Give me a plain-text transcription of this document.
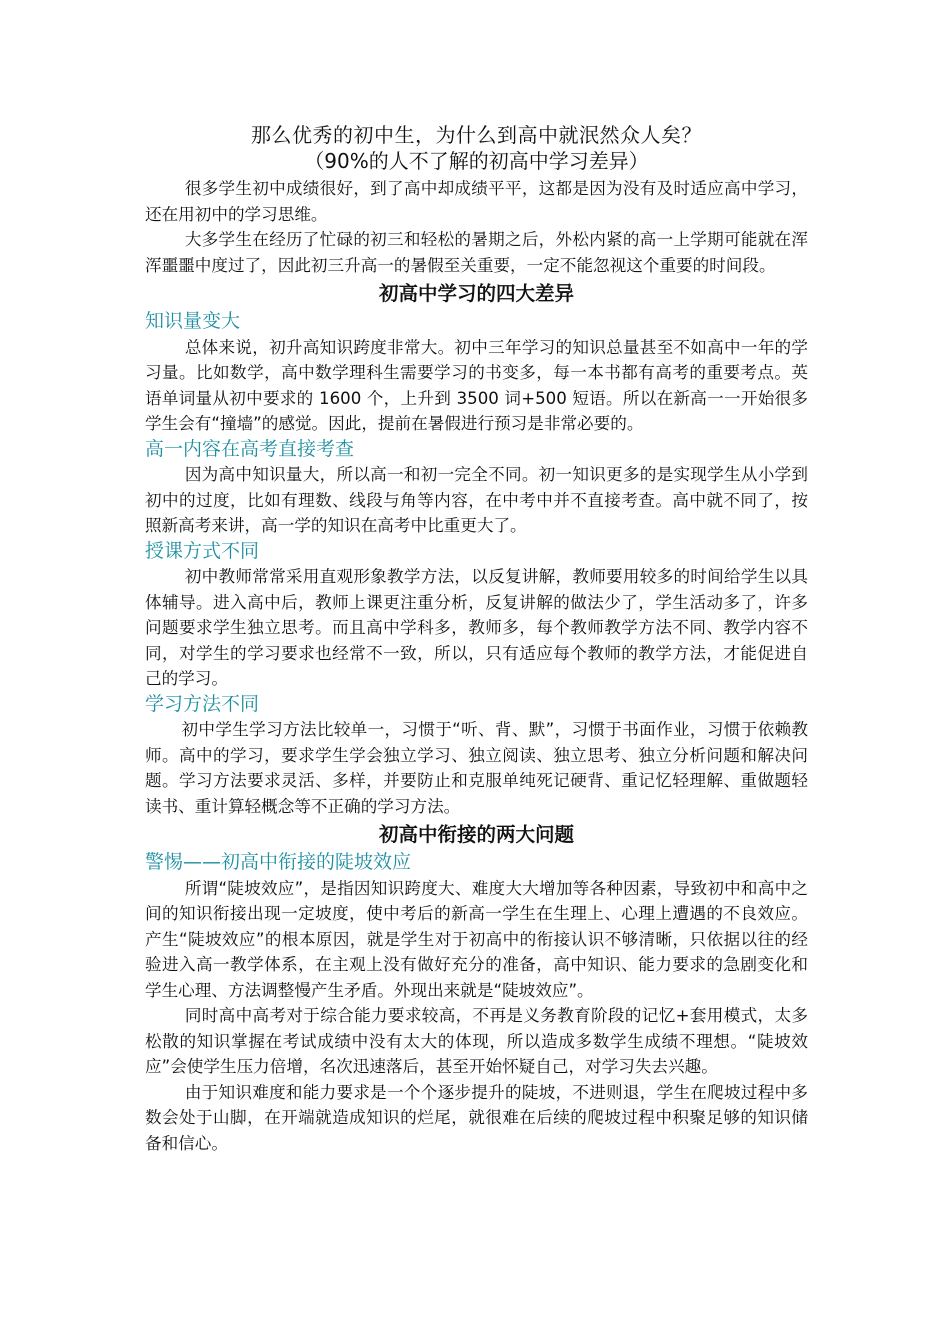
那么优秀的初中生，为什么到高中就泯然众人矣？
（90%的人不了解的初高中学习差异）

很多学生初中成绩很好，到了高中却成绩平平，这都是因为没有及时适应高中学习，还在用初中的学习思维。

大多学生在经历了忙碌的初三和轻松的暑期之后，外松内紧的高一上学期可能就在浑浑噩噩中度过了，因此初三升高一的暑假至关重要，一定不能忽视这个重要的时间段。

初高中学习的四大差异
知识量变大

总体来说，初升高知识跨度非常大。初中三年学习的知识总量甚至不如高中一年的学习量。比如数学，高中数学理科生需要学习的书变多，每一本书都有高考的重要考点。英语单词量从初中要求的 1600 个，上升到 3500 词+500 短语。所以在新高一一开始很多学生会有“撞墙”的感觉。因此，提前在暑假进行预习是非常必要的。

高一内容在高考直接考查

因为高中知识量大，所以高一和初一完全不同。初一知识更多的是实现学生从小学到初中的过度，比如有理数、线段与角等内容，在中考中并不直接考查。高中就不同了，按照新高考来讲，高一学的知识在高考中比重更大了。

授课方式不同

初中教师常常采用直观形象教学方法，以反复讲解，教师要用较多的时间给学生以具体辅导。进入高中后，教师上课更注重分析，反复讲解的做法少了，学生活动多了，许多问题要求学生独立思考。而且高中学科多，教师多，每个教师教学方法不同、教学内容不同，对学生的学习要求也经常不一致，所以，只有适应每个教师的教学方法，才能促进自己的学习。

学习方法不同

初中学生学习方法比较单一，习惯于“听、背、默”，习惯于书面作业，习惯于依赖教师。高中的学习，要求学生学会独立学习、独立阅读、独立思考、独立分析问题和解决问题。学习方法要求灵活、多样，并要防止和克服单纯死记硬背、重记忆轻理解、重做题轻读书、重计算轻概念等不正确的学习方法。

初高中衔接的两大问题
警惕——初高中衔接的陡坡效应

所谓“陡坡效应”，是指因知识跨度大、难度大大增加等各种因素，导致初中和高中之间的知识衔接出现一定坡度，使中考后的新高一学生在生理上、心理上遭遇的不良效应。产生“陡坡效应”的根本原因，就是学生对于初高中的衔接认识不够清晰，只依据以往的经验进入高一教学体系，在主观上没有做好充分的准备，高中知识、能力要求的急剧变化和学生心理、方法调整慢产生矛盾。外现出来就是“陡坡效应”。

同时高中高考对于综合能力要求较高，不再是义务教育阶段的记忆+套用模式，太多松散的知识掌握在考试成绩中没有太大的体现，所以造成多数学生成绩不理想。“陡坡效应”会使学生压力倍增，名次迅速落后，甚至开始怀疑自己，对学习失去兴趣。

由于知识难度和能力要求是一个个逐步提升的陡坡，不进则退，学生在爬坡过程中多数会处于山脚，在开端就造成知识的烂尾，就很难在后续的爬坡过程中积聚足够的知识储备和信心。
